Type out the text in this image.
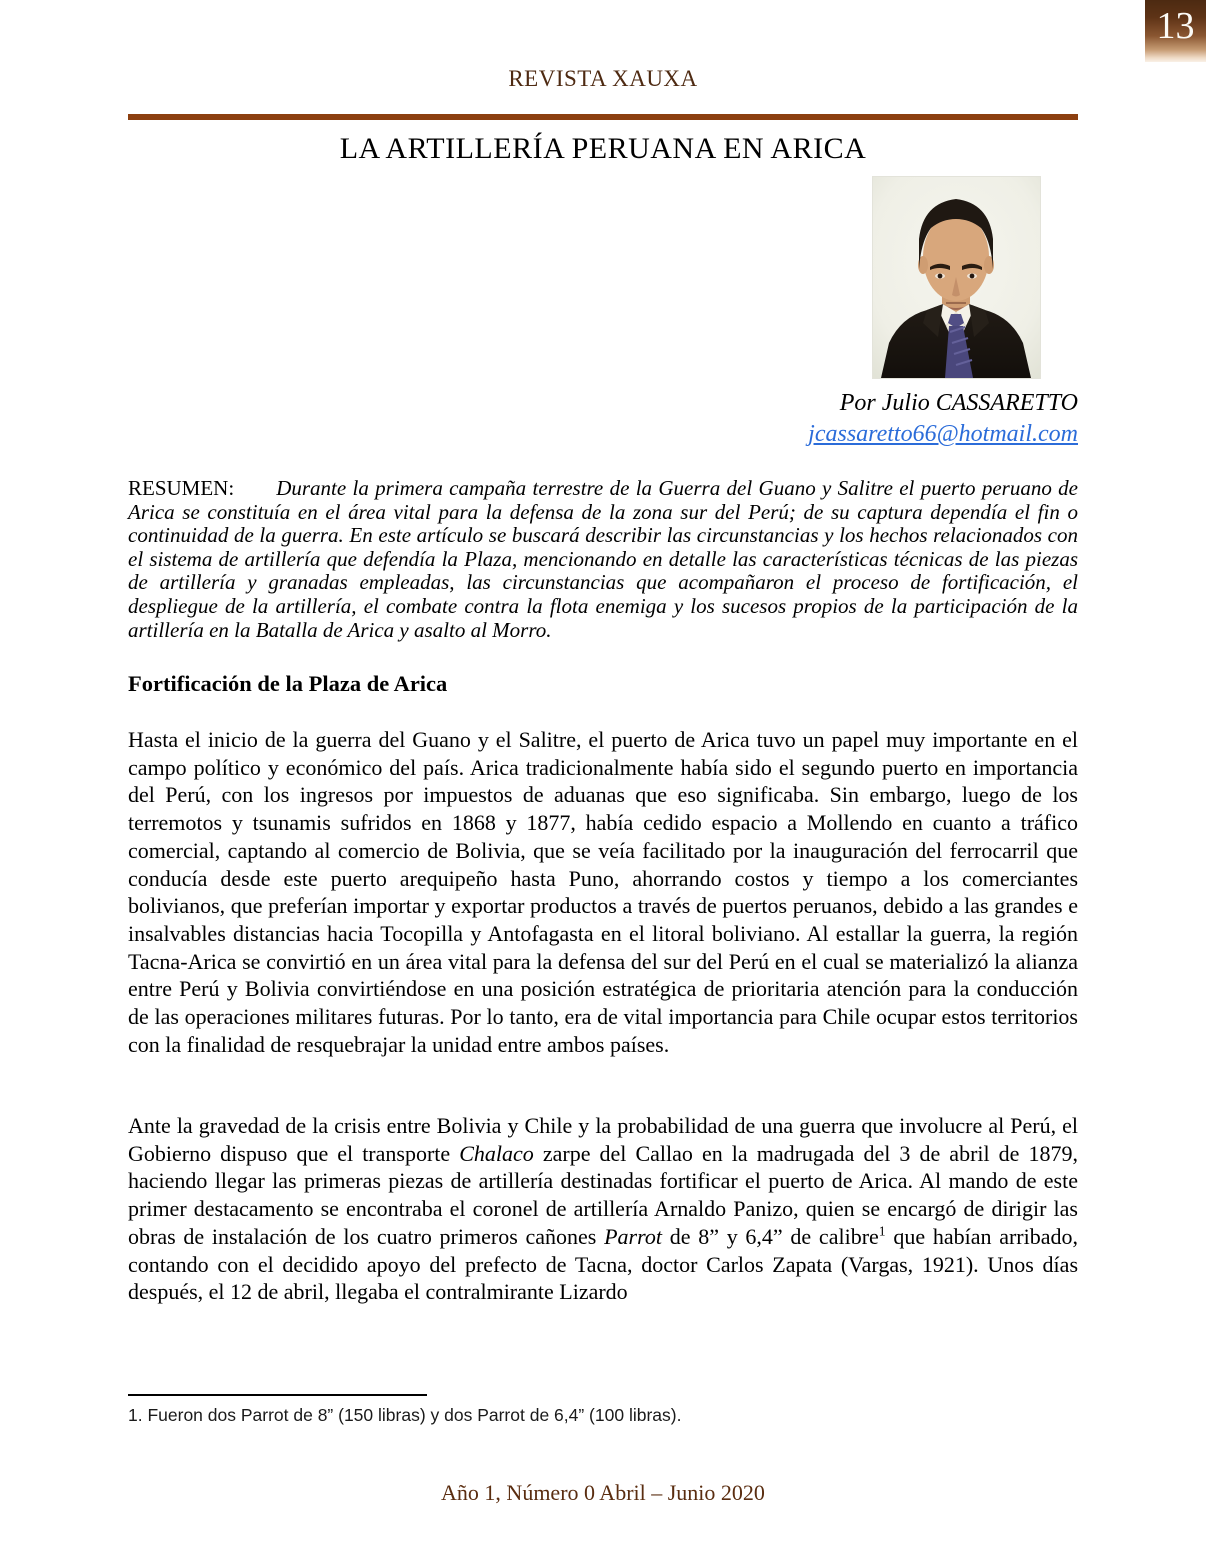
13
REVISTA XAUXA
LA ARTILLERÍA PERUANA EN ARICA
Por Julio CASSARETTO
jcassaretto66@hotmail.com

RESUMEN: Durante la primera campaña terrestre de la Guerra del Guano y Salitre el puerto peruano de Arica se constituía en el área vital para la defensa de la zona sur del Perú; de su captura dependía el fin o continuidad de la guerra. En este artículo se buscará describir las circunstancias y los hechos relacionados con el sistema de artillería que defendía la Plaza, mencionando en detalle las características técnicas de las piezas de artillería y granadas empleadas, las circunstancias que acompañaron el proceso de fortificación, el despliegue de la artillería, el combate contra la flota enemiga y los sucesos propios de la participación de la artillería en la Batalla de Arica y asalto al Morro.

Fortificación de la Plaza de Arica

Hasta el inicio de la guerra del Guano y el Salitre, el puerto de Arica tuvo un papel muy importante en el campo político y económico del país. Arica tradicionalmente había sido el segundo puerto en importancia del Perú, con los ingresos por impuestos de aduanas que eso significaba. Sin embargo, luego de los terremotos y tsunamis sufridos en 1868 y 1877, había cedido espacio a Mollendo en cuanto a tráfico comercial, captando al comercio de Bolivia, que se veía facilitado por la inauguración del ferrocarril que conducía desde este puerto arequipeño hasta Puno, ahorrando costos y tiempo a los comerciantes bolivianos, que preferían importar y exportar productos a través de puertos peruanos, debido a las grandes e insalvables distancias hacia Tocopilla y Antofagasta en el litoral boliviano. Al estallar la guerra, la región Tacna-Arica se convirtió en un área vital para la defensa del sur del Perú en el cual se materializó la alianza entre Perú y Bolivia convirtiéndose en una posición estratégica de prioritaria atención para la conducción de las operaciones militares futuras. Por lo tanto, era de vital importancia para Chile ocupar estos territorios con la finalidad de resquebrajar la unidad entre ambos países.

Ante la gravedad de la crisis entre Bolivia y Chile y la probabilidad de una guerra que involucre al Perú, el Gobierno dispuso que el transporte Chalaco zarpe del Callao en la madrugada del 3 de abril de 1879, haciendo llegar las primeras piezas de artillería destinadas fortificar el puerto de Arica. Al mando de este primer destacamento se encontraba el coronel de artillería Arnaldo Panizo, quien se encargó de dirigir las obras de instalación de los cuatro primeros cañones Parrot de 8” y 6,4” de calibre$^1$ que habían arribado, contando con el decidido apoyo del prefecto de Tacna, doctor Carlos Zapata (Vargas, 1921). Unos días después, el 12 de abril, llegaba el contralmirante Lizardo

1. Fueron dos Parrot de 8” (150 libras) y dos Parrot de 6,4” (100 libras).
Año 1, Número 0 Abril – Junio 2020
